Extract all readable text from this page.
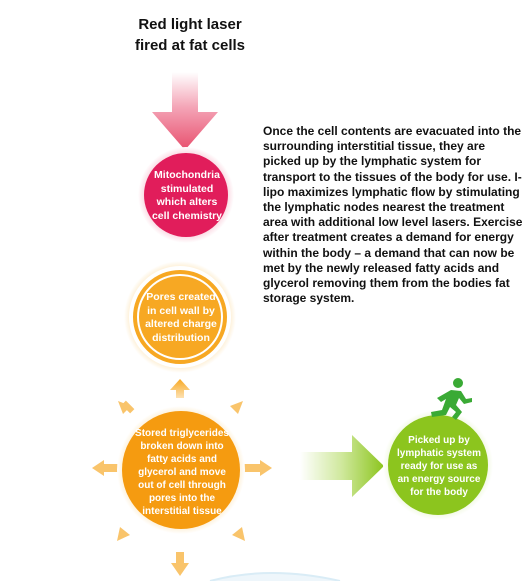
Red light laser
fired at fat cells
Mitochondria stimulated which alters cell chemistry
Pores created in cell wall by altered charge distribution
Stored triglycerides broken down into fatty acids and glycerol and move out of cell through pores into the interstitial tissue
Picked up by lymphatic system ready for use as an energy source for the body
Once the cell contents are evacuated into the surrounding interstitial tissue, they are picked up by the lymphatic system for transport to the tissues of the body for use. I-lipo maximizes lymphatic flow by stimulating the lymphatic nodes nearest the treatment area with additional low level lasers. Exercise after treatment creates a demand for energy within the body – a demand that can now be met by the newly released fatty acids and glycerol removing them from the bodies fat storage system.
